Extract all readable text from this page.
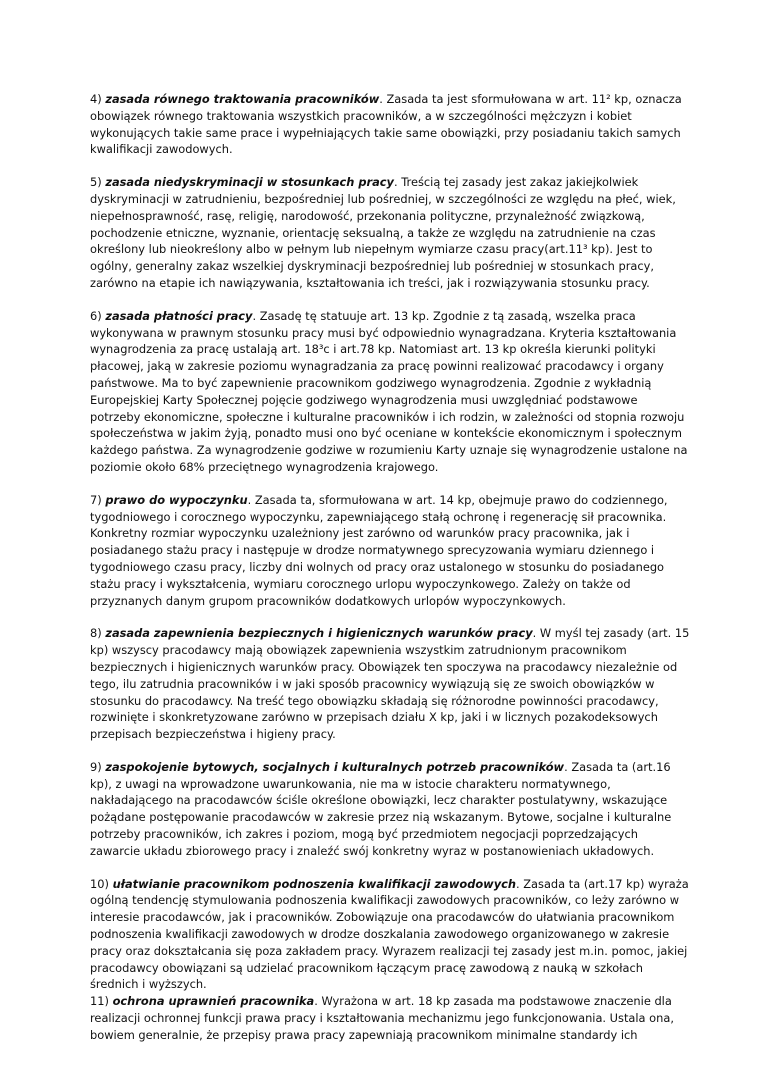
4) zasada równego traktowania pracowników. Zasada ta jest sformułowana w art. 11² kp, oznacza obowiązek równego traktowania wszystkich pracowników, a w szczególności mężczyzn i kobiet wykonujących takie same prace i wypełniających takie same obowiązki, przy posiadaniu takich samych kwalifikacji zawodowych.

5) zasada niedyskryminacji w stosunkach pracy. Treścią tej zasady jest zakaz jakiejkolwiek dyskryminacji w zatrudnieniu, bezpośredniej lub pośredniej, w szczególności ze względu na płeć, wiek, niepełnosprawność, rasę, religię, narodowość, przekonania polityczne, przynależność związkową, pochodzenie etniczne, wyznanie, orientację seksualną, a także ze względu na zatrudnienie na czas określony lub nieokreślony albo w pełnym lub niepełnym wymiarze czasu pracy(art.11³ kp). Jest to ogólny, generalny zakaz wszelkiej dyskryminacji bezpośredniej lub pośredniej w stosunkach pracy, zarówno na etapie ich nawiązywania, kształtowania ich treści, jak i rozwiązywania stosunku pracy.

6) zasada płatności pracy. Zasadę tę statuuje art. 13 kp. Zgodnie z tą zasadą, wszelka praca wykonywana w prawnym stosunku pracy musi być odpowiednio wynagradzana. Kryteria kształtowania wynagrodzenia za pracę ustalają art. 18³c i art.78 kp. Natomiast art. 13 kp określa kierunki polityki płacowej, jaką w zakresie poziomu wynagradzania za pracę powinni realizować pracodawcy i organy państwowe. Ma to być zapewnienie pracownikom godziwego wynagrodzenia. Zgodnie z wykładnią Europejskiej Karty Społecznej pojęcie godziwego wynagrodzenia musi uwzględniać podstawowe potrzeby ekonomiczne, społeczne i kulturalne pracowników i ich rodzin, w zależności od stopnia rozwoju społeczeństwa w jakim żyją, ponadto musi ono być oceniane w kontekście ekonomicznym i społecznym każdego państwa. Za wynagrodzenie godziwe w rozumieniu Karty uznaje się wynagrodzenie ustalone na poziomie około 68% przeciętnego wynagrodzenia krajowego.

7) prawo do wypoczynku. Zasada ta, sformułowana w art. 14 kp, obejmuje prawo do codziennego, tygodniowego i corocznego wypoczynku, zapewniającego stałą ochronę i regenerację sił pracownika. Konkretny rozmiar wypoczynku uzależniony jest zarówno od warunków pracy pracownika, jak i posiadanego stażu pracy i następuje w drodze normatywnego sprecyzowania wymiaru dziennego i tygodniowego czasu pracy, liczby dni wolnych od pracy oraz ustalonego w stosunku do posiadanego stażu pracy i wykształcenia, wymiaru corocznego urlopu wypoczynkowego. Zależy on także od przyznanych danym grupom pracowników dodatkowych urlopów wypoczynkowych.

8) zasada zapewnienia bezpiecznych i higienicznych warunków pracy. W myśl tej zasady (art. 15 kp) wszyscy pracodawcy mają obowiązek zapewnienia wszystkim zatrudnionym pracownikom bezpiecznych i higienicznych warunków pracy. Obowiązek ten spoczywa na pracodawcy niezależnie od tego, ilu zatrudnia pracowników i w jaki sposób pracownicy wywiązują się ze swoich obowiązków w stosunku do pracodawcy. Na treść tego obowiązku składają się różnorodne powinności pracodawcy, rozwinięte i skonkretyzowane zarówno w przepisach działu X kp, jaki i w licznych pozakodeksowych przepisach bezpieczeństwa i higieny pracy.

9) zaspokojenie bytowych, socjalnych i kulturalnych potrzeb pracowników. Zasada ta (art.16 kp), z uwagi na wprowadzone uwarunkowania, nie ma w istocie charakteru normatywnego, nakładającego na pracodawców ściśle określone obowiązki, lecz charakter postulatywny, wskazujące pożądane postępowanie pracodawców w zakresie przez nią wskazanym. Bytowe, socjalne i kulturalne potrzeby pracowników, ich zakres i poziom, mogą być przedmiotem negocjacji poprzedzających zawarcie układu zbiorowego pracy i znaleźć swój konkretny wyraz w postanowieniach układowych.

10) ułatwianie pracownikom podnoszenia kwalifikacji zawodowych. Zasada ta (art.17 kp) wyraża ogólną tendencję stymulowania podnoszenia kwalifikacji zawodowych pracowników, co leży zarówno w interesie pracodawców, jak i pracowników. Zobowiązuje ona pracodawców do ułatwiania pracownikom podnoszenia kwalifikacji zawodowych w drodze doszkalania zawodowego organizowanego w zakresie pracy oraz dokształcania się poza zakładem pracy. Wyrazem realizacji tej zasady jest m.in. pomoc, jakiej pracodawcy obowiązani są udzielać pracownikom łączącym pracę zawodową z nauką w szkołach średnich i wyższych.

11) ochrona uprawnień pracownika. Wyrażona w art. 18 kp zasada ma podstawowe znaczenie dla realizacji ochronnej funkcji prawa pracy i kształtowania mechanizmu jego funkcjonowania. Ustala ona, bowiem generalnie, że przepisy prawa pracy zapewniają pracownikom minimalne standardy ich
